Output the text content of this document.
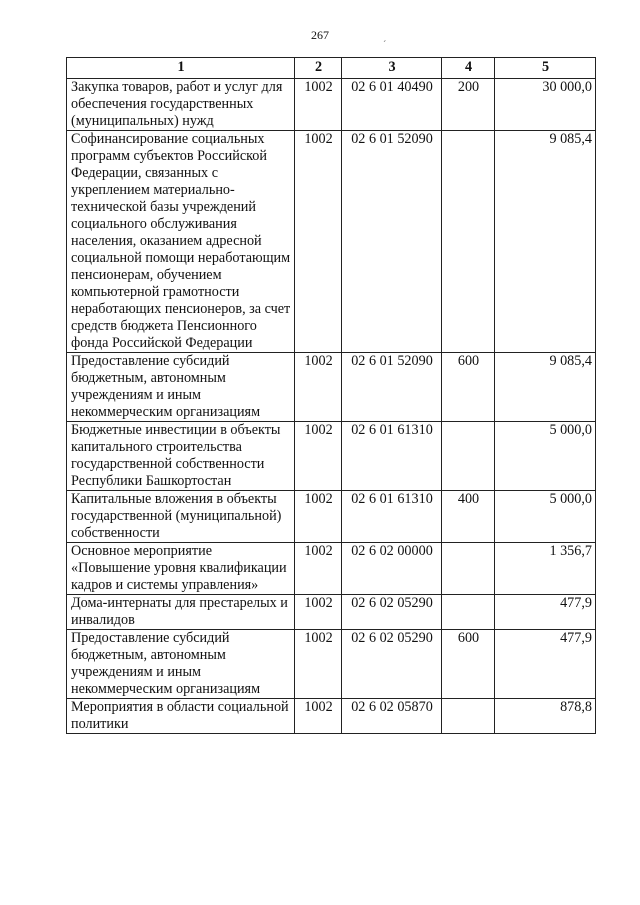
267
´
1	2	3	4	5
Закупка товаров, работ и услуг для обеспечения государственных (муниципальных) нужд	1002	02 6 01 40490	200	30 000,0
Софинансирование социальных программ субъектов Российской Федерации, связанных с укреплением материально-технической базы учреждений социального обслуживания населения, оказанием адресной социальной помощи неработающим пенсионерам, обучением компьютерной грамотности неработающих пенсионеров, за счет средств бюджета Пенсионного фонда Российской Федерации	1002	02 6 01 52090		9 085,4
Предоставление субсидий бюджетным, автономным учреждениям и иным некоммерческим организациям	1002	02 6 01 52090	600	9 085,4
Бюджетные инвестиции в объекты капитального строительства государственной собственности Республики Башкортостан	1002	02 6 01 61310		5 000,0
Капитальные вложения в объекты государственной (муниципальной) собственности	1002	02 6 01 61310	400	5 000,0
Основное мероприятие «Повышение уровня квалификации кадров и системы управления»	1002	02 6 02 00000		1 356,7
Дома-интернаты для престарелых и инвалидов	1002	02 6 02 05290		477,9
Предоставление субсидий бюджетным, автономным учреждениям и иным некоммерческим организациям	1002	02 6 02 05290	600	477,9
Мероприятия в области социальной политики	1002	02 6 02 05870		878,8
